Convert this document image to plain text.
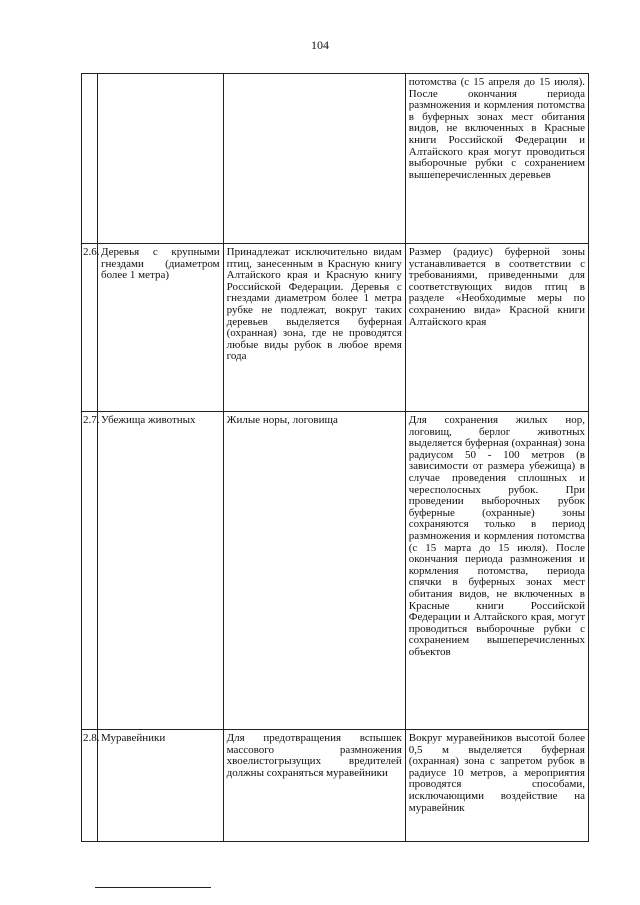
104
			потомства (с 15 апреля до 15 июля). После окончания периода размножения и кормления потомства в буферных зонах мест обитания видов, не включенных в Красные книги Российской Федерации и Алтайского края могут проводиться выборочные рубки с сохранением вышеперечисленных деревьев
2.6.	Деревья с крупными гнездами (диаметром более 1 метра)	Принадлежат исключительно видам птиц, занесенным в Красную книгу Алтайского края и Красную книгу Российской Федерации. Деревья с гнездами диаметром более 1 метра рубке не подлежат, вокруг таких деревьев выделяется буферная (охранная) зона, где не проводятся любые виды рубок в любое время года	Размер (радиус) буферной зоны устанавливается в соответствии с требованиями, приведенными для соответствующих видов птиц в разделе «Необходимые меры по сохранению вида» Красной книги Алтайского края
2.7.	Убежища животных	Жилые норы, логовища	Для сохранения жилых нор, логовищ, берлог животных выделяется буферная (охранная) зона радиусом 50 - 100 метров (в зависимости от размера убежища) в случае проведения сплошных и чересполосных рубок. При проведении выборочных рубок буферные (охранные) зоны сохраняются только в период размножения и кормления потомства (с 15 марта до 15 июля). После окончания периода размножения и кормления потомства, периода спячки в буферных зонах мест обитания видов, не включенных в Красные книги Российской Федерации и Алтайского края, могут проводиться выборочные рубки с сохранением вышеперечисленных объектов
2.8.	Муравейники	Для предотвращения вспышек массового размножения хвоелистогрызущих вредителей должны сохраняться муравейники	Вокруг муравейников высотой более 0,5 м выделяется буферная (охранная) зона с запретом рубок в радиусе 10 метров, а мероприятия проводятся способами, исключающими воздействие на муравейник
